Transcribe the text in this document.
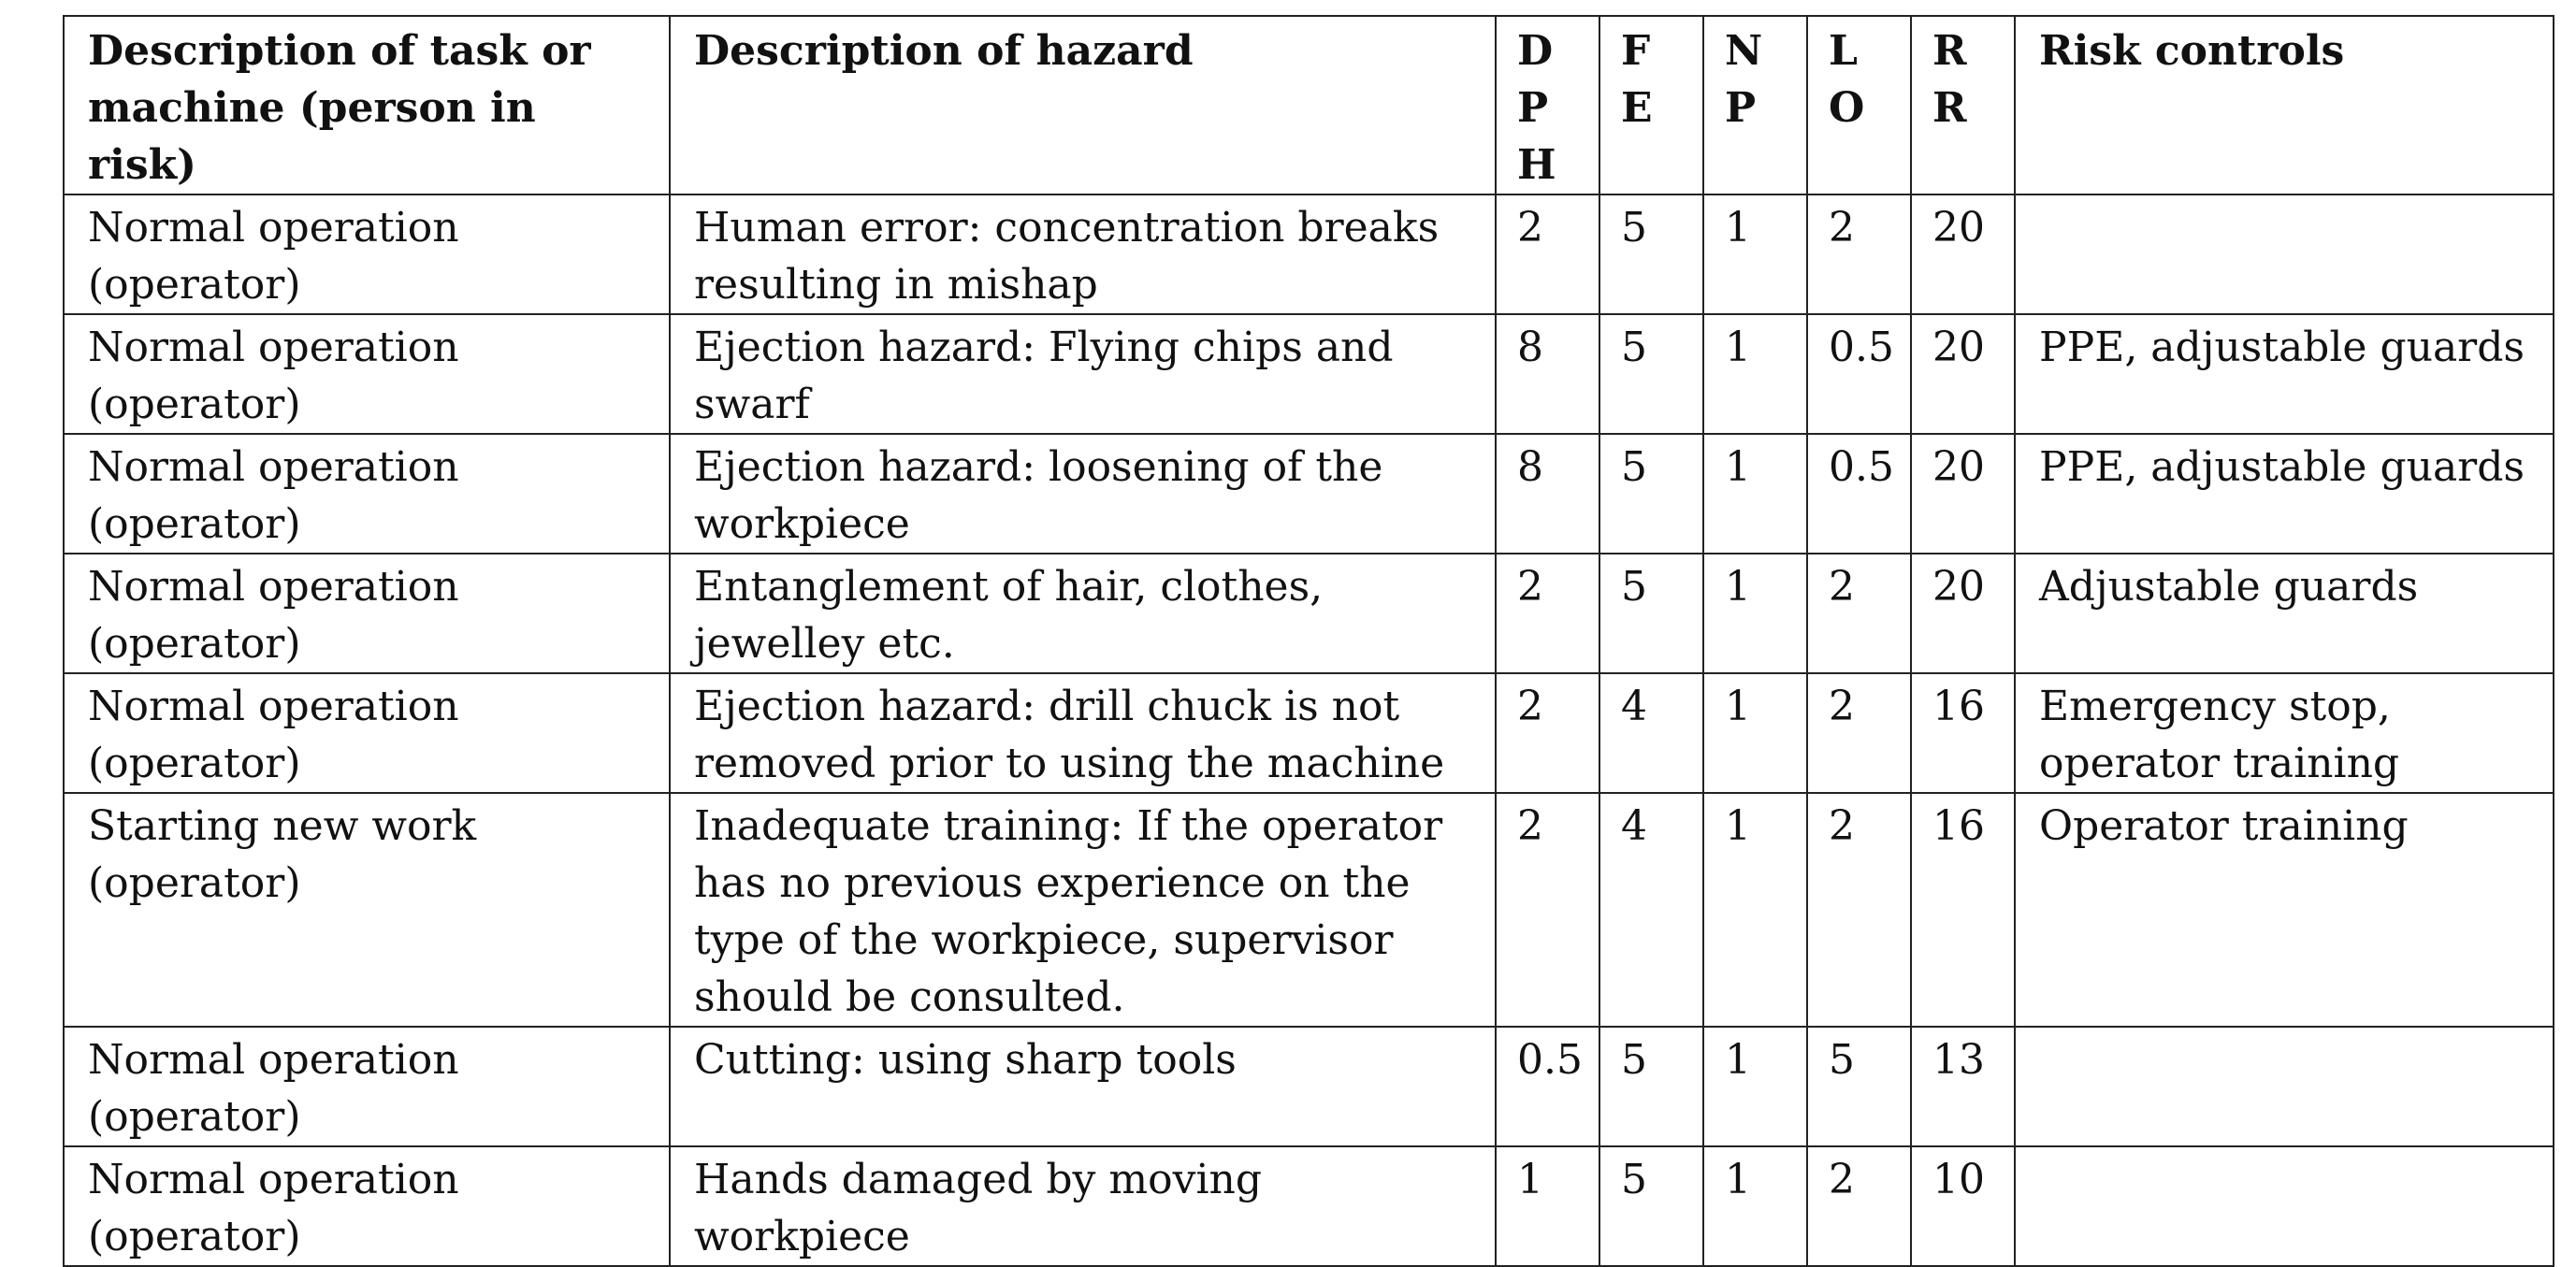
Description of task or machine (person in risk)	Description of hazard	DPH	FE	NP	LO	RR	Risk controls
Normal operation (operator)	Human error: concentration breaks resulting in mishap	2	5	1	2	20	
Normal operation (operator)	Ejection hazard: Flying chips and swarf	8	5	1	0.5	20	PPE, adjustable guards
Normal operation (operator)	Ejection hazard: loosening of the workpiece	8	5	1	0.5	20	PPE, adjustable guards
Normal operation (operator)	Entanglement of hair, clothes, jewelley etc.	2	5	1	2	20	Adjustable guards
Normal operation (operator)	Ejection hazard: drill chuck is not removed prior to using the machine	2	4	1	2	16	Emergency stop, operator training
Starting new work (operator)	Inadequate training: If the operator has no previous experience on the type of the workpiece, supervisor should be consulted.	2	4	1	2	16	Operator training
Normal operation (operator)	Cutting: using sharp tools	0.5	5	1	5	13	
Normal operation (operator)	Hands damaged by moving workpiece	1	5	1	2	10	
